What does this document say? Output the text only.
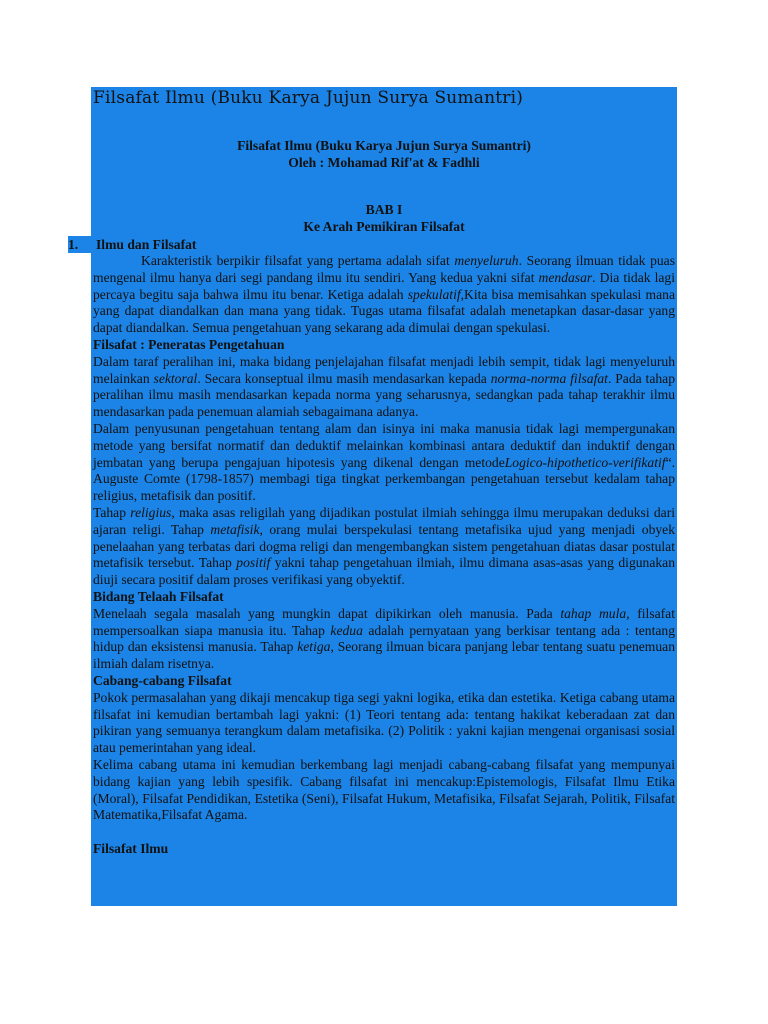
Filsafat Ilmu (Buku Karya Jujun Surya Sumantri)
Filsafat Ilmu (Buku Karya Jujun Surya Sumantri)
Oleh : Mohamad Rif'at & Fadhli
BAB I
Ke Arah Pemikiran Filsafat
1. Ilmu dan Filsafat

Karakteristik berpikir filsafat yang pertama adalah sifat menyeluruh. Seorang ilmuan tidak puas mengenal ilmu hanya dari segi pandang ilmu itu sendiri. Yang kedua yakni sifat mendasar. Dia tidak lagi percaya begitu saja bahwa ilmu itu benar. Ketiga adalah spekulatif,Kita bisa memisahkan spekulasi mana yang dapat diandalkan dan mana yang tidak. Tugas utama filsafat adalah menetapkan dasar-dasar yang dapat diandalkan. Semua pengetahuan yang sekarang ada dimulai dengan spekulasi.

Filsafat : Peneratas Pengetahuan

Dalam taraf peralihan ini, maka bidang penjelajahan filsafat menjadi lebih sempit, tidak lagi menyeluruh melainkan sektoral. Secara konseptual ilmu masih mendasarkan kepada norma-norma filsafat. Pada tahap peralihan ilmu masih mendasarkan kepada norma yang seharusnya, sedangkan pada tahap terakhir ilmu mendasarkan pada penemuan alamiah sebagaimana adanya.

Dalam penyusunan pengetahuan tentang alam dan isinya ini maka manusia tidak lagi mempergunakan metode yang bersifat normatif dan deduktif melainkan kombinasi antara deduktif dan induktif dengan jembatan yang berupa pengajuan hipotesis yang dikenal dengan metodeLogico-hipothetico-verifikatif“. Auguste Comte (1798-1857) membagi tiga tingkat perkembangan pengetahuan tersebut kedalam tahap religius, metafisik dan positif.

Tahap religius, maka asas religilah yang dijadikan postulat ilmiah sehingga ilmu merupakan deduksi dari ajaran religi. Tahap metafisik, orang mulai berspekulasi tentang metafisika ujud yang menjadi obyek penelaahan yang terbatas dari dogma religi dan mengembangkan sistem pengetahuan diatas dasar postulat metafisik tersebut. Tahap positif yakni tahap pengetahuan ilmiah, ilmu dimana asas-asas yang digunakan diuji secara positif dalam proses verifikasi yang obyektif.

Bidang Telaah Filsafat

Menelaah segala masalah yang mungkin dapat dipikirkan oleh manusia. Pada tahap mula, filsafat mempersoalkan siapa manusia itu. Tahap kedua adalah pernyataan yang berkisar tentang ada : tentang hidup dan eksistensi manusia. Tahap ketiga, Seorang ilmuan bicara panjang lebar tentang suatu penemuan ilmiah dalam risetnya.

Cabang-cabang Filsafat

Pokok permasalahan yang dikaji mencakup tiga segi yakni logika, etika dan estetika. Ketiga cabang utama filsafat ini kemudian bertambah lagi yakni: (1) Teori tentang ada: tentang hakikat keberadaan zat dan pikiran yang semuanya terangkum dalam metafisika. (2) Politik : yakni kajian mengenai organisasi sosial atau pemerintahan yang ideal.

Kelima cabang utama ini kemudian berkembang lagi menjadi cabang-cabang filsafat yang mempunyai bidang kajian yang lebih spesifik. Cabang filsafat ini mencakup:Epistemologis, Filsafat Ilmu Etika (Moral), Filsafat Pendidikan, Estetika (Seni), Filsafat Hukum, Metafisika, Filsafat Sejarah, Politik, Filsafat Matematika,Filsafat Agama.

Filsafat Ilmu
